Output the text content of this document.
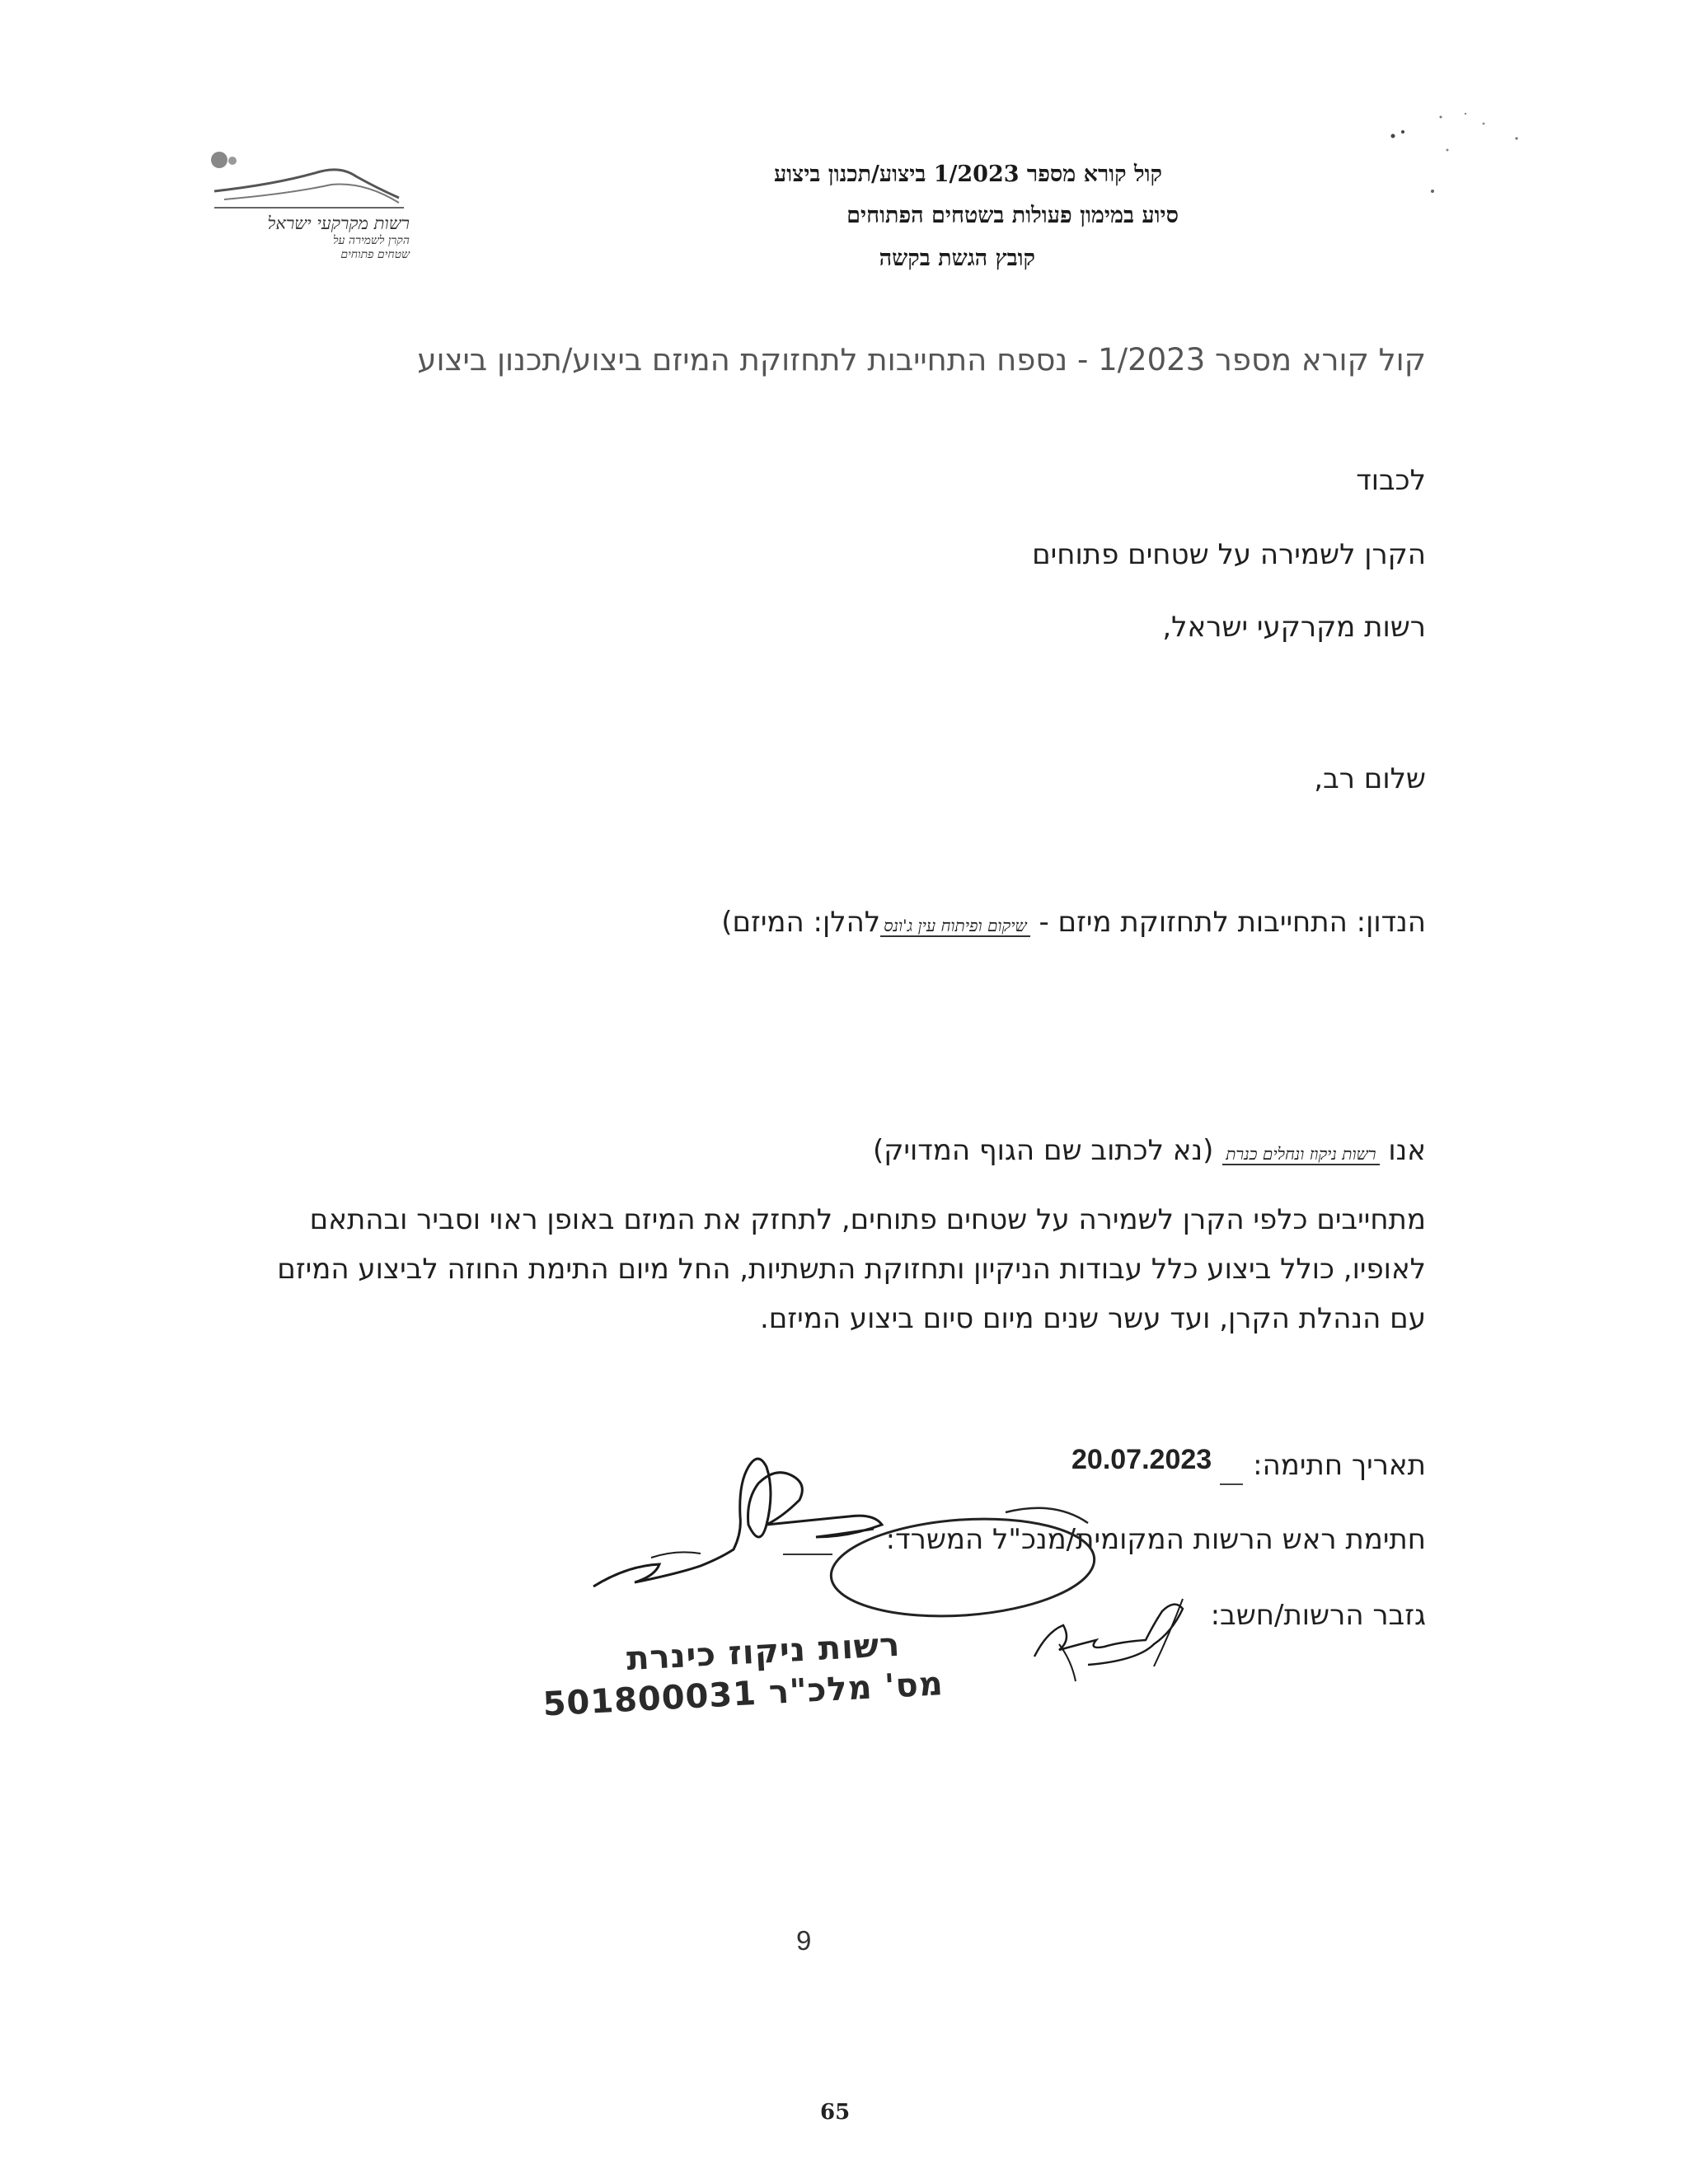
רשות מקרקעי ישראל
הקרן לשמירה על
שטחים פתוחים
קול קורא מספר 1/2023 ביצוע/תכנון ביצוע
סיוע במימון פעולות בשטחים הפתוחים
קובץ הגשת בקשה
קול קורא מספר 1/2023 - נספח התחייבות לתחזוקת המיזם ביצוע/תכנון ביצוע
לכבוד
הקרן לשמירה על שטחים פתוחים
רשות מקרקעי ישראל,
שלום רב,
הנדון: התחייבות לתחזוקת מיזם - שיקום ופיתוח עין ג'ונסלהלן: המיזם)
אנו רשות ניקוז ונחלים כנרת (נא לכתוב שם הגוף המדויק)
מתחייבים כלפי הקרן לשמירה על שטחים פתוחים, לתחזק את המיזם באופן ראוי וסביר ובהתאם
לאופיו, כולל ביצוע כלל עבודות הניקיון ותחזוקת התשתיות, החל מיום התימת החוזה לביצוע המיזם
עם הנהלת הקרן, ועד עשר שנים מיום סיום ביצוע המיזם.
תאריך חתימה:
20.07.2023
חתימת ראש הרשות המקומית/מנכ"ל המשרד:
גזבר הרשות/חשב:
רשות ניקוז כינרת
מס' מלכ"ר 501800031
9
65
